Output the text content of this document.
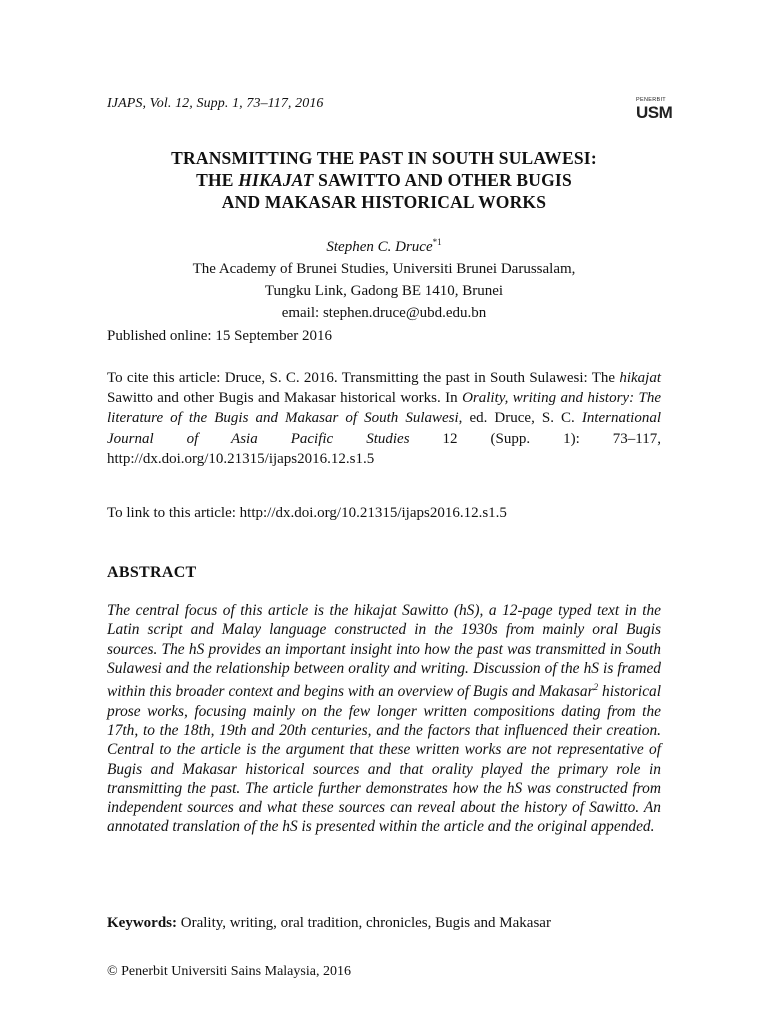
IJAPS, Vol. 12, Supp. 1, 73–117, 2016	PENERBIT
USM
TRANSMITTING THE PAST IN SOUTH SULAWESI:
THE HIKAJAT SAWITTO AND OTHER BUGIS
AND MAKASAR HISTORICAL WORKS
Stephen C. Druce$^{*1}$
The Academy of Brunei Studies, Universiti Brunei Darussalam,
Tungku Link, Gadong BE 1410, Brunei
email: stephen.druce@ubd.edu.bn
Published online: 15 September 2016
To cite this article: Druce, S. C. 2016. Transmitting the past in South Sulawesi: The hikajat Sawitto and other Bugis and Makasar historical works. In Orality, writing and history: The literature of the Bugis and Makasar of South Sulawesi, ed. Druce, S. C. International Journal of Asia Pacific Studies 12 (Supp. 1): 73–117, http://dx.doi.org/10.21315/ijaps2016.12.s1.5
To link to this article: http://dx.doi.org/10.21315/ijaps2016.12.s1.5
ABSTRACT
The central focus of this article is the hikajat Sawitto (hS), a 12-page typed text in the Latin script and Malay language constructed in the 1930s from mainly oral Bugis sources. The hS provides an important insight into how the past was transmitted in South Sulawesi and the relationship between orality and writing. Discussion of the hS is framed within this broader context and begins with an overview of Bugis and Makasar$^2$ historical prose works, focusing mainly on the few longer written compositions dating from the 17th, to the 18th, 19th and 20th centuries, and the factors that influenced their creation. Central to the article is the argument that these written works are not representative of Bugis and Makasar historical sources and that orality played the primary role in transmitting the past. The article further demonstrates how the hS was constructed from independent sources and what these sources can reveal about the history of Sawitto. An annotated translation of the hS is presented within the article and the original appended.
Keywords: Orality, writing, oral tradition, chronicles, Bugis and Makasar
© Penerbit Universiti Sains Malaysia, 2016
